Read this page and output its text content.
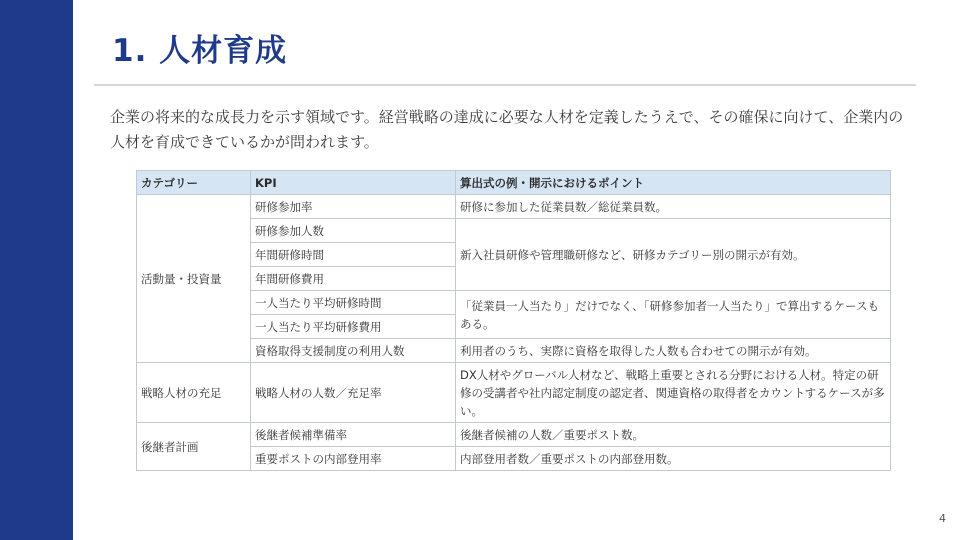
1. 人材育成

企業の将来的な成長力を示す領域です。経営戦略の達成に必要な人材を定義したうえで、その確保に向けて、企業内の人材を育成できているかが問われます。

カテゴリー	KPI	算出式の例・開示におけるポイント
活動量・投資量	研修参加率	研修に参加した従業員数／総従業員数。
	研修参加人数	新入社員研修や管理職研修など、研修カテゴリー別の開示が有効。
	年間研修時間	
	年間研修費用	
	一人当たり平均研修時間	「従業員一人当たり」だけでなく、「研修参加者一人当たり」で算出するケースもある。
	一人当たり平均研修費用	
	資格取得支援制度の利用人数	利用者のうち、実際に資格を取得した人数も合わせての開示が有効。
戦略人材の充足	戦略人材の人数／充足率	DX人材やグローバル人材など、戦略上重要とされる分野における人材。特定の研修の受講者や社内認定制度の認定者、関連資格の取得者をカウントするケースが多い。
後継者計画	後継者候補準備率	後継者候補の人数／重要ポスト数。
	重要ポストの内部登用率	内部登用者数／重要ポストの内部登用数。
4
